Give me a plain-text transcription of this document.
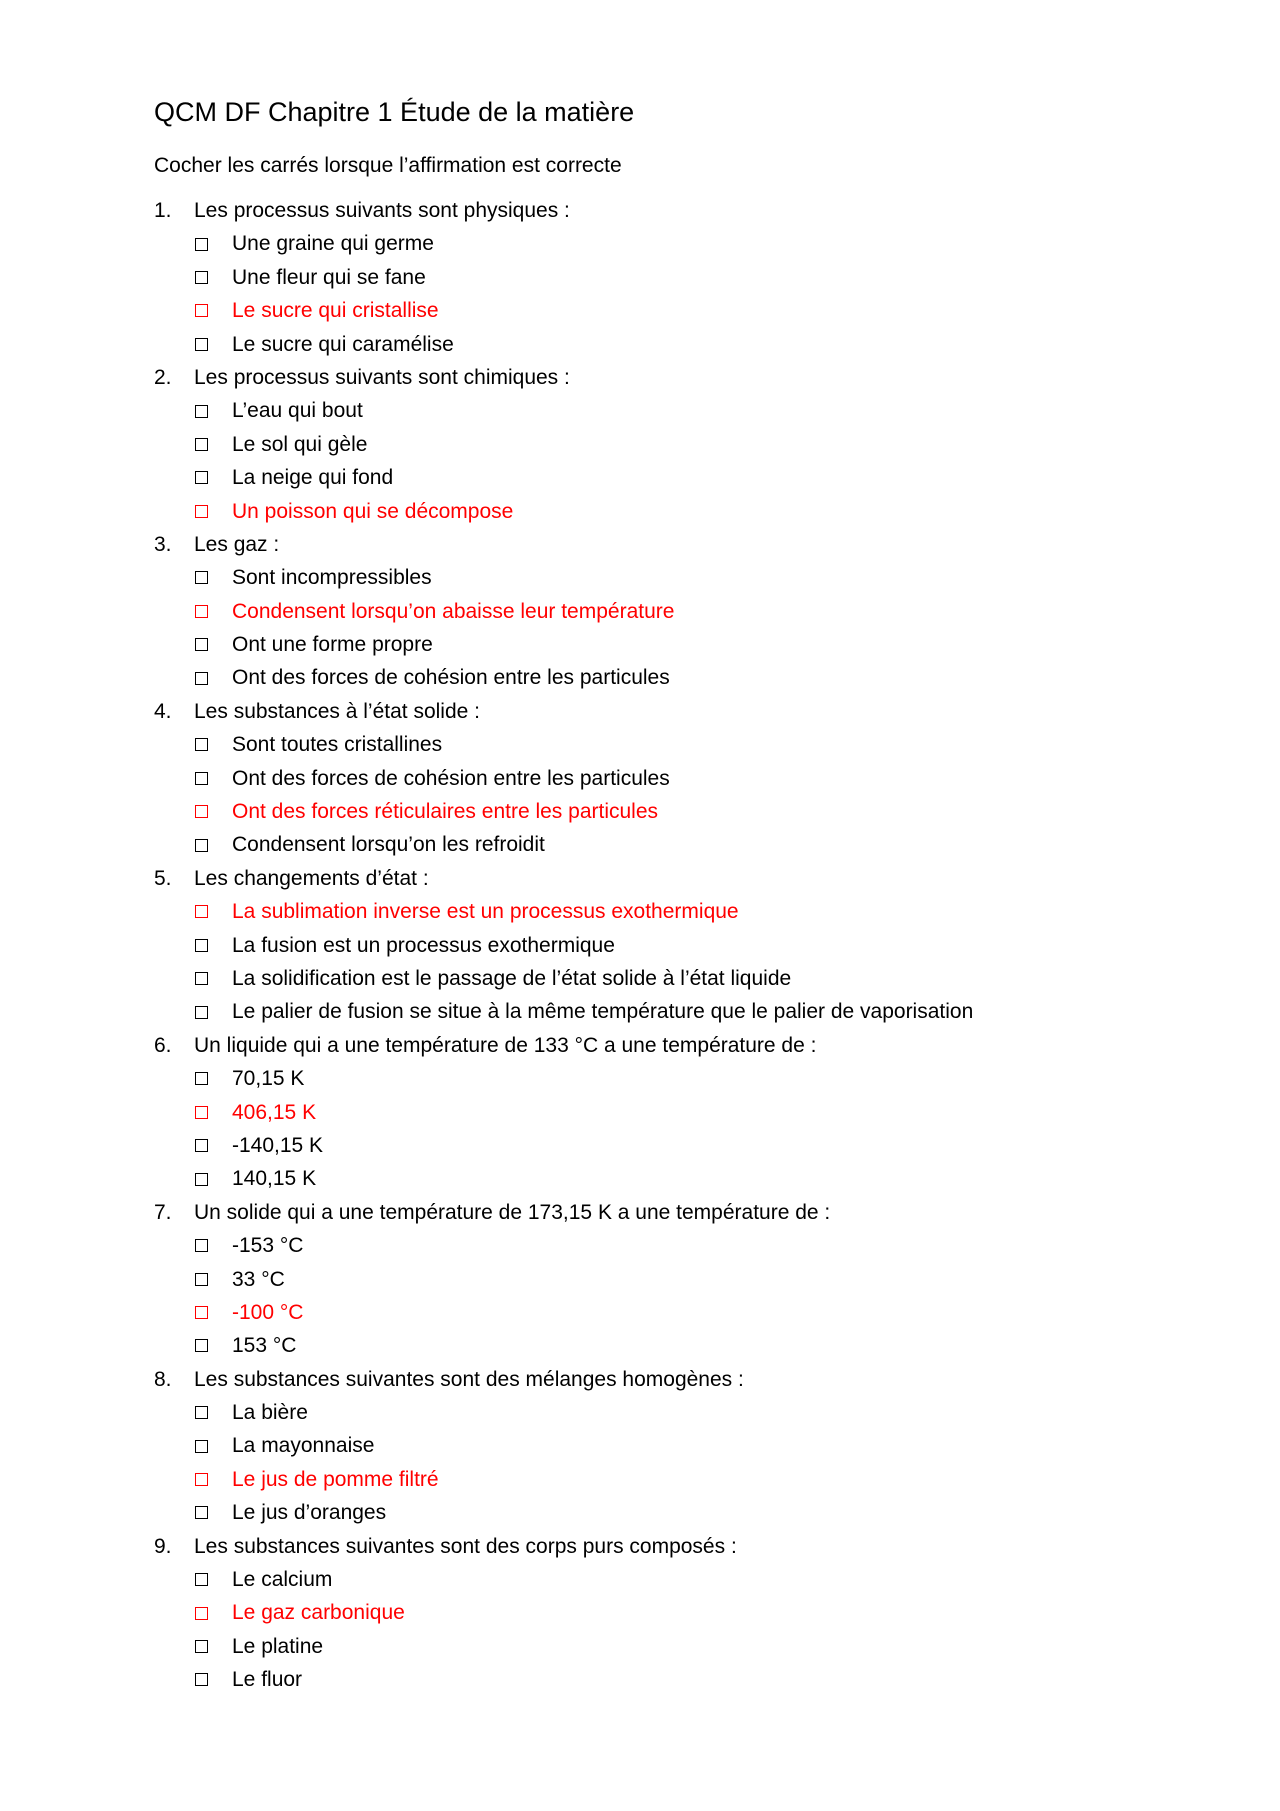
QCM DF Chapitre 1 Étude de la matière

Cocher les carrés lorsque l’affirmation est correcte

1.	Les processus suivants sont physiques :
Une graine qui germe
Une fleur qui se fane
Le sucre qui cristallise
Le sucre qui caramélise
2.	Les processus suivants sont chimiques :
L’eau qui bout
Le sol qui gèle
La neige qui fond
Un poisson qui se décompose
3.	Les gaz :
Sont incompressibles
Condensent lorsqu’on abaisse leur température
Ont une forme propre
Ont des forces de cohésion entre les particules
4.	Les substances à l’état solide :
Sont toutes cristallines
Ont des forces de cohésion entre les particules
Ont des forces réticulaires entre les particules
Condensent lorsqu’on les refroidit
5.	Les changements d’état :
La sublimation inverse est un processus exothermique
La fusion est un processus exothermique
La solidification est le passage de l’état solide à l’état liquide
Le palier de fusion se situe à la même température que le palier de vaporisation
6.	Un liquide qui a une température de 133 °C a une température de :
70,15 K
406,15 K
-140,15 K
140,15 K
7.	Un solide qui a une température de 173,15 K a une température de :
-153 °C
33 °C
-100 °C
153 °C
8.	Les substances suivantes sont des mélanges homogènes :
La bière
La mayonnaise
Le jus de pomme filtré
Le jus d’oranges
9.	Les substances suivantes sont des corps purs composés :
Le calcium
Le gaz carbonique
Le platine
Le fluor
